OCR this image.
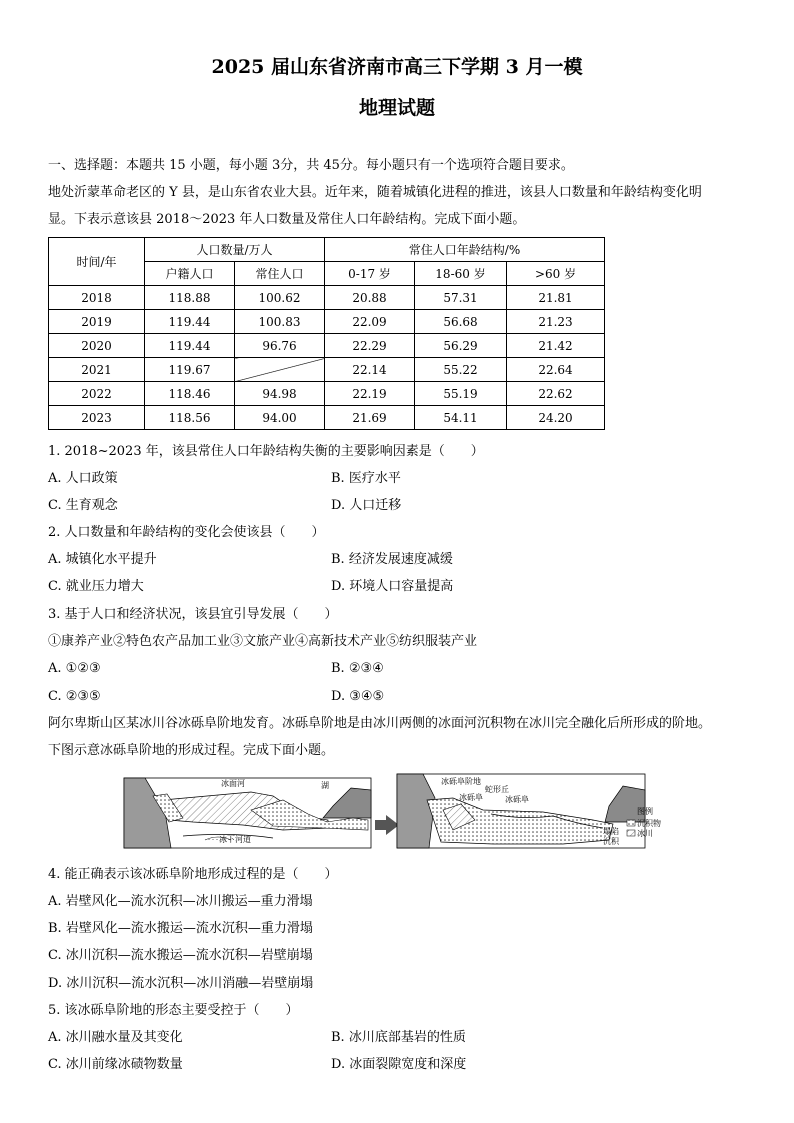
2025 届山东省济南市高三下学期 3 月一模
地理试题
一、选择题：本题共 15 小题，每小题 3分，共 45分。每小题只有一个选项符合题目要求。
地处沂蒙革命老区的 Y 县，是山东省农业大县。近年来，随着城镇化进程的推进，该县人口数量和年龄结构变化明
显。下表示意该县 2018～2023 年人口数量及常住人口年龄结构。完成下面小题。
时间/年	人口数量/万人		常住人口年龄结构/%		
	户籍人口	常住人口	0-17 岁	18-60 岁	>60 岁
2018	118.88	100.62	20.88	57.31	21.81
2019	119.44	100.83	22.09	56.68	21.23
2020	119.44	96.76	22.29	56.29	21.42
2021	119.67		22.14	55.22	22.64
2022	118.46	94.98	22.19	55.19	22.62
2023	118.56	94.00	21.69	54.11	24.20
1. 2018~2023 年，该县常住人口年龄结构失衡的主要影响因素是（　　）
A. 人口政策	B. 医疗水平
C. 生育观念	D. 人口迁移
2. 人口数量和年龄结构的变化会使该县（　　）
A. 城镇化水平提升	B. 经济发展速度减缓
C. 就业压力增大	D. 环境人口容量提高
3. 基于人口和经济状况，该县宜引导发展（　　）
①康养产业②特色农产品加工业③文旅产业④高新技术产业⑤纺织服装产业
A. ①②③	B. ②③④
C. ②③⑤	D. ③④⑤
阿尔卑斯山区某冰川谷冰砾阜阶地发育。冰砾阜阶地是由冰川两侧的冰面河沉积物在冰川完全融化后所形成的阶地。
下图示意冰砾阜阶地的形成过程。完成下面小题。
冰面河	湖
冰下河道
冰砾阜阶地
蛇形丘
冰砾阜	冰砾阜
塌陷
沉积
图例
沉积物
冰川
4. 能正确表示该冰砾阜阶地形成过程的是（　　）
A. 岩壁风化—流水沉积—冰川搬运—重力滑塌
B. 岩壁风化—流水搬运—流水沉积—重力滑塌
C. 冰川沉积—流水搬运—流水沉积—岩壁崩塌
D. 冰川沉积—流水沉积—冰川消融—岩壁崩塌
5. 该冰砾阜阶地的形态主要受控于（　　）
A. 冰川融水量及其变化	B. 冰川底部基岩的性质
C. 冰川前缘冰碛物数量	D. 冰面裂隙宽度和深度
